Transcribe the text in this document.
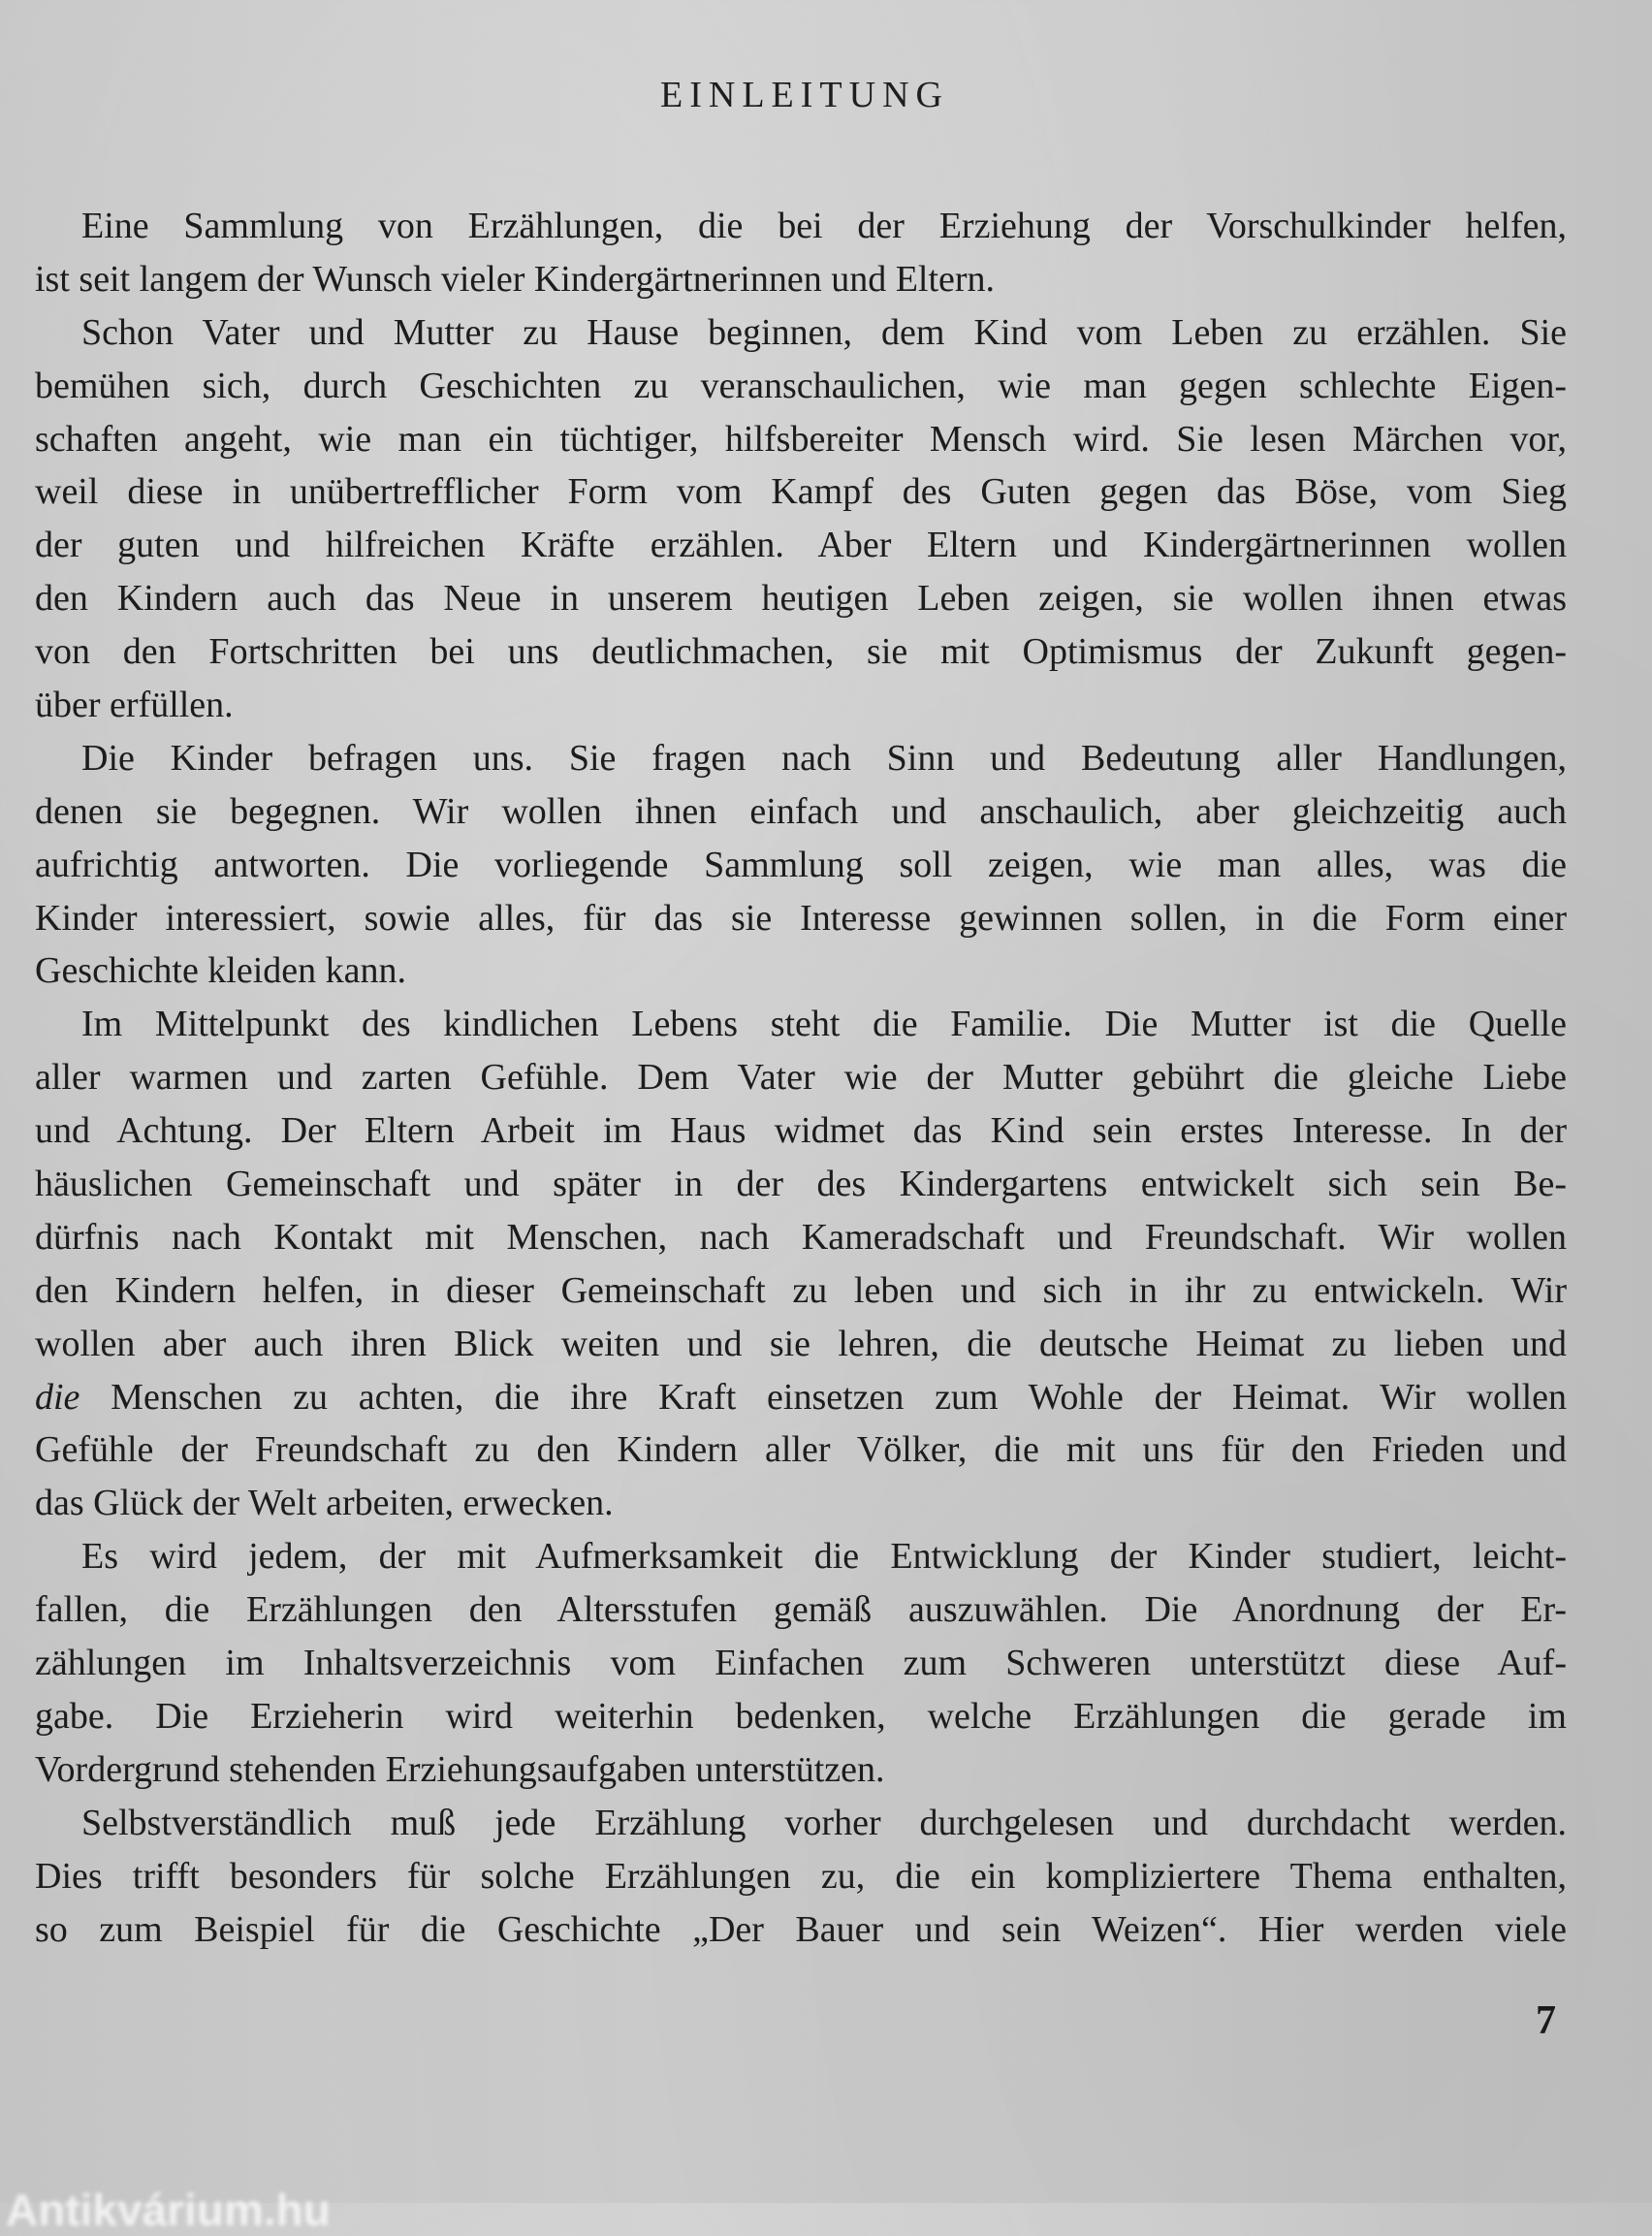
EINLEITUNG
Eine Sammlung von Erzählungen, die bei der Erziehung der Vorschulkinder helfen,
ist seit langem der Wunsch vieler Kindergärtnerinnen und Eltern.
Schon Vater und Mutter zu Hause beginnen, dem Kind vom Leben zu erzählen. Sie
bemühen sich, durch Geschichten zu veranschaulichen, wie man gegen schlechte Eigen-
schaften angeht, wie man ein tüchtiger, hilfsbereiter Mensch wird. Sie lesen Märchen vor,
weil diese in unübertrefflicher Form vom Kampf des Guten gegen das Böse, vom Sieg
der guten und hilfreichen Kräfte erzählen. Aber Eltern und Kindergärtnerinnen wollen
den Kindern auch das Neue in unserem heutigen Leben zeigen, sie wollen ihnen etwas
von den Fortschritten bei uns deutlichmachen, sie mit Optimismus der Zukunft gegen-
über erfüllen.
Die Kinder befragen uns. Sie fragen nach Sinn und Bedeutung aller Handlungen,
denen sie begegnen. Wir wollen ihnen einfach und anschaulich, aber gleichzeitig auch
aufrichtig antworten. Die vorliegende Sammlung soll zeigen, wie man alles, was die
Kinder interessiert, sowie alles, für das sie Interesse gewinnen sollen, in die Form einer
Geschichte kleiden kann.
Im Mittelpunkt des kindlichen Lebens steht die Familie. Die Mutter ist die Quelle
aller warmen und zarten Gefühle. Dem Vater wie der Mutter gebührt die gleiche Liebe
und Achtung. Der Eltern Arbeit im Haus widmet das Kind sein erstes Interesse. In der
häuslichen Gemeinschaft und später in der des Kindergartens entwickelt sich sein Be-
dürfnis nach Kontakt mit Menschen, nach Kameradschaft und Freundschaft. Wir wollen
den Kindern helfen, in dieser Gemeinschaft zu leben und sich in ihr zu entwickeln. Wir
wollen aber auch ihren Blick weiten und sie lehren, die deutsche Heimat zu lieben und
die Menschen zu achten, die ihre Kraft einsetzen zum Wohle der Heimat. Wir wollen
Gefühle der Freundschaft zu den Kindern aller Völker, die mit uns für den Frieden und
das Glück der Welt arbeiten, erwecken.
Es wird jedem, der mit Aufmerksamkeit die Entwicklung der Kinder studiert, leicht-
fallen, die Erzählungen den Altersstufen gemäß auszuwählen. Die Anordnung der Er-
zählungen im Inhaltsverzeichnis vom Einfachen zum Schweren unterstützt diese Auf-
gabe. Die Erzieherin wird weiterhin bedenken, welche Erzählungen die gerade im
Vordergrund stehenden Erziehungsaufgaben unterstützen.
Selbstverständlich muß jede Erzählung vorher durchgelesen und durchdacht werden.
Dies trifft besonders für solche Erzählungen zu, die ein kompliziertere Thema enthalten,
so zum Beispiel für die Geschichte „Der Bauer und sein Weizen“. Hier werden viele
7
Antikvárium.hu
